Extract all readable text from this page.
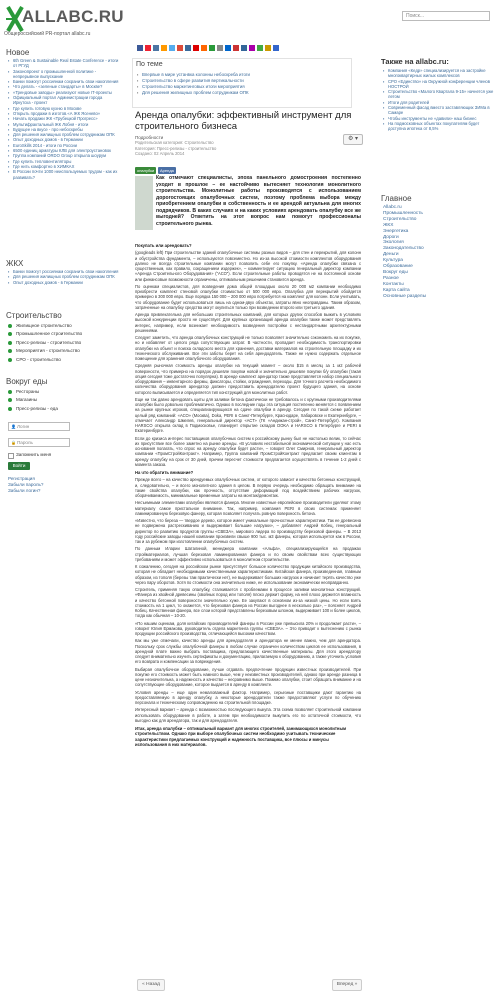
ALLABC.RU
Общероссийский PR-портал allabc.ru
Поиск...
Новое
▪ 6th Green & Sustainable Real Estate Conference - итоги от РГУД
▪ Законопроект о промышленной политике - непрерывное выпускание
▪ Банки помогут россиянам сохранить свои накопления
▪ Что делать - «зеленые стандарты» в Москве?
▪ «Трендовые заводы» реализуют новые IT-проекты
▪ Официальный портал Администрации города Иркутска - проект
▪ Где купить готовую кухню в Москве
▪ Открыть продажи в изготов.«А ЖК Ясенево»
▪ Начать продажи ЖК «Трубецкой Прогресс»
▪ Мультифрактальный ЖК Лобня - итоги
▪ Будущее на вкусе - про небоскребы
▪ Для решения жилищных проблем сотрудникам ОПК
▪ Опыт доходных домов - в Германии
▪ EuroSkills 2014 - итоги по России
▪ 6500 единиц арматуры КЛВ для электроустановок
▪ Группа компаний ORDO Group открыла шоурум
▪ Где купить тепловентиляторы
▪ Где нить комфортно в ХИМКАХ
▪ В России почти 1000 неиспользуемых трудом - как их развивать?
ЖКХ
▪ Банки помогут россиянам сохранить свои накопления
▪ Для решения жилищных проблем сотрудникам ОПК
▪ Опыт доходных домов - в Германии
Строительство
Жилищное строительство
Промышленное строительство
Пресс-релизы - строительство
Мероприятия - строительство
СРО - строительство
Вокруг еды
Рестораны
Магазины
Пресс-релизы - еда
Логин
👤
Пароль
🔒
Запомнить меня
Войти
Регистрация
Забыли пароль?
Забыли логин?
По теме
▪ Впервые в мире устанвка колонны небоскреба итоги
▪ Строительство в сфере развития вертикальности
▪ Строительство маркетинговых итоги мероприятия
▪ Для решения жилищных проблем сотрудникам ОПК
Аренда опалубки: эффективный инструмент для строительного бизнеса
Подробности
Родительская категория: Строительство
Категория: Пресс-релизы - строительство
Создано: 02 Апрель 2014
⚙ ▾
опалубки	Аренда
Как отмечают специалисты, эпоха панельного домостроения постепенно уходит в прошлое – ее настойчиво вытесняет технология монолитного строительства. Монолитные работы производятся с использованием дорогостоящих опалубочных систем, поэтому проблема выбора между приобретением опалубки в собственность и ее арендой актуальна для многих подрядчиков. В каких случаях и на каких условиях арендовать опалубку все же выгодней? Ответить на этот вопрос нам помогут профессионалы строительного рынка.
Покупать или арендовать?

(googleads left) При строительстве зданий опалубочные системы разных видов – для стен и перекрытий, для колонн и обустройства фундамента, – используются повсеместно. Но из-за высокой стоимости комплектов оборудования далеко не всегда строительные компании могут позволить себе его покупку. «Аренда опалубки связана с существенным, как правило, сокращением издержек», – комментирует ситуацию генеральный директор компании «Аренда Строительного Оборудования» ("АСО"). Если строительные работы проводятся не на постоянной основе или финансовые возможности ограничены, оптимальным решением становится аренда.

По оценкам специалистов, для возведения дома общей площадью около 20 000 м2 компании необходимо приобрести комплект стеновой опалубки стоимостью от 500 000 евро. Опалубка для перекрытий обойдется примерно в 300 000 евро. Еще порядка 150 000 – 200 000 евро потребуется на комплект для колонн. Если учитывать, что оборудование будет использоваться лишь на одном-двух объектах, затраты явно неоправданы. Таким образом, затраченные на опалубку средства могут окупиться только при возведении второго или третьего здания.

Аренда привлекательна для небольших строительных компаний, для которых других способов выжить в условиях высокой конкуренции просто не существует. Для крупных организаций аренда опалубки также может представлять интерес, например, если возникает необходимость возведения постройки с нестандартными архитектурными решениями.

Следует заметить, что аренда опалубочных конструкций не только позволяет значительно сэкономить на их покупке, но и избавляет от целого ряда сопутствующих затрат. В частности, пропадает необходимость транспортировки опалубки на объект и поиска складского места для хранения, доставки материалов на строительную площадку и их технического обслуживания. Все эти заботы берет на себя арендодатель. Также не нужно содержать отдельное помещение для хранения опалубочного оборудования.

Средняя рыночная стоимость аренды опалубки на текущий момент – около $15 в месяц за 1 м2 рабочей поверхности, что примерно на порядок дешевле покупки новой и значительно дешевле покупки б/у опалубки (такая опция сегодня тоже достаточно популярна). В аренде комплект арендатор также представляется набор специального оборудования – инвентарного фермы, фиксаторы, стойки, ограждения, переходы. Для точного расчета необходимого количества оборудования арендатор должен предоставить арендодателю проект будущего здания, на основе которого выписывается и определяется тип конструкций для монолитных работ.

Еще ни так давно арендовать щиты для заливки бетона фактически не требовалось и с крупными производителями опалубки было довольно проблематично. Однако в последние годы эта ситуация постепенно меняется с появлением на рынке крупных игроков, специализирующихся на сдаче опалубки в аренду. Сегодня по такой схеме работает целый ряд компаний: «АСО» (Москва), Doka, PERI в Санкт-Петербурге, Краснодаре, Хабаровске и Екатеринбурге, – отмечает Александр Шмелев, генеральный директор «АСТ» (ГК «Андижан-строй», Санкт-Петербург). Компания HARSCO открыла склад в Подмосковье, планирует открытие складов DOKA и HARSCO в Петербурге и PERI в Екатеринбурге.

Если до кризиса интерес поставщиков опалубочных систем к российскому рынку был не настолько велик, то сейчас их присутствие все более заметно на рынке аренды. «В условиях нестабильной экономической ситуации у нас есть основания полагать, что спрос на аренду опалубки будет расти», – говорит Олег Смирнов, генеральный директор компании «ПромСтройКонтракт». Например, Группа компаний ПромСтройКонтракт предлагает своим клиентам в аренду опалубку на срок от 30 дней, причем пересчет стоимости предлагается осуществлять в течение 1-2 дней с момента заказа.

На что обратить внимание?

Прежде всего – на качество арендуемых опалубочных систем, от которого зависит и качество бетонных конструкций, и, следовательно, – и всего монолитного здания в целом. В первую очередь необходимо обращать внимание на такие свойства опалубки, как прочность, отсутствие деформаций под воздействием рабочих нагрузок, оборачиваемость, минимальные временные затраты на монтаж/демонтаж.

Несъемными элементами опалубки являются фанера. Многие известные европейские производители уделяют этому материалу самое пристальное внимание. Так, например, компания PERI в своих системах применяет ламинированную березовую фанеру, которая позволяет получать ровную поверхность бетона.

«Известно, что береза — твердое дерево, которое имеет уникальные прочностные характеристики. Так ее древесина не подвержена растрескиванию и выдерживает большие нагрузки», – добавляет Андрей Кобец, генеральный директор по развитию продуктов группы «СВЕЗА», мирового лидера по производству березовой фанеры. – В 2013 году российские заводы нашей компании произвели свыше 900 тыс. м3 фанеры, которая используется как в России, так и за рубежом при изготовлении опалубочных систем.

По данным Иларии Шаталиной, менеджера компании «Альфа», специализирующейся на продажах стройматериалов, лучшая березовая ламинированная фанера и по своим свойствам всех существующих требованиям и может эффективно использоваться в монолитном строительстве.

К сожалению, сегодня на российском рынке присутствует большое количество продукции китайского производства, которая не обладает необходимыми качественными характеристиками. Китайская фанера, произведенная, главным образом, из тополя (березы там практически нет), не выдерживает больших нагрузок и начинает терять качество уже через пару оборотов. Хотя по стоимости она значительно ниже, ее использование экономически неоправданно.

Строитель, применяя такую опалубку, сталкивается с проблемами в процессе заливки монолитных конструкций. «Фанера из хвойной древесины (хвойных пород или тополя) плохо держит форму, на ней плохо держится влажность и качество бетонной поверхности значительно хуже. Ее закупают в основном из-за низкой цены. Но если взять стоимость на 1 цикл, то окажется, что березовая фанера из России выгоднее в несколько раз», – поясняет Андрей Кобец. Качественная фанера, все слои которой представлены березовым шпоном, выдерживает 100 и более циклов, тогда как обычная – 10-20.

«По нашим оценкам, доля китайских производителей фанеры в России уже превысила 20% и продолжает расти», – говорит Юлия Ермакова, руководитель отдела маркетинга группы «СВЕЗА». – Это приводит к вытеснению с рынка продукции российского производства, отличающейся высоким качеством.

Как мы уже отмечали, качество аренды для арендодателя и арендатора не менее важно, чем для арендатора. Поскольку срок службы опалубочной фанеры в любом случае ограничен количеством циклов ее использования, в арендной плате важно выбрать поставщика, предлагающего качественные материалы. Для этого арендатору следует внимательно изучить сертификаты и документацию, прилагаемую к оборудованию, а также уточнить условия его возврата и компенсации за повреждения.

Выбирая опалубочное оборудование, лучше отдавать предпочтение продукции известных производителей. При покупке его стоимость может быть намного выше, чем у неизвестных производителей, однако при аренде разница в цене незначительна, а надежность и качество – несравнимо выше. Помимо опалубки, стоит обращать внимание и на сопутствующее оборудование, которое выдается в аренду в комплекте.

Условия аренды – еще один немаловажный фактор. Например, серьезные поставщики дают гарантию на предоставляемую в аренду опалубку, а некоторые арендодатели также предоставляют услуги по обучению персонала и техническому сопровождению на строительной площадке.

Интересный вариант – аренда с возможностью последующего выкупа. Эта схема позволяет строительной компании использовать оборудование в работе, а затем при необходимости выкупить его по остаточной стоимости, что выгодно как для арендатора, так и для арендодателя.

Итак, аренда опалубки – оптимальный вариант для многих строителей, занимающихся монолитным строительством. Однако при выборе опалубочных систем необходимо учитывать технические характеристики предлагаемых конструкций и надежность поставщика, все плюсы и минусы использования в них материалов.
« Назад	Вперед »
Также на allabc.ru:
▪ Компания «Кедр» специализируется на застройке многоквартирных жилых комплексов
▪ СРО «Единство» на Окружной конференции членов НОСТРОЙ
▪ Строительство «Малого Квартала 9-15» начнется уже летом
▪ Итоги для родителей
▪ Современный фасад вместо заставляющих ЗИМа в Самаре
▪ Чтобы инструменты не «давили» наш бизнес
▪ На подмосковных объектах покупателям будет доступна ипотека от 8,5%
Главное
Allabc.ru
Промышленность
Строительство
ЖКХ
Энергетика
Дороги
Экология
Законодательство
Деньги
Культура
Образование
Вокруг еды
Разное
Контакты
Карта сайта
Основные разделы
